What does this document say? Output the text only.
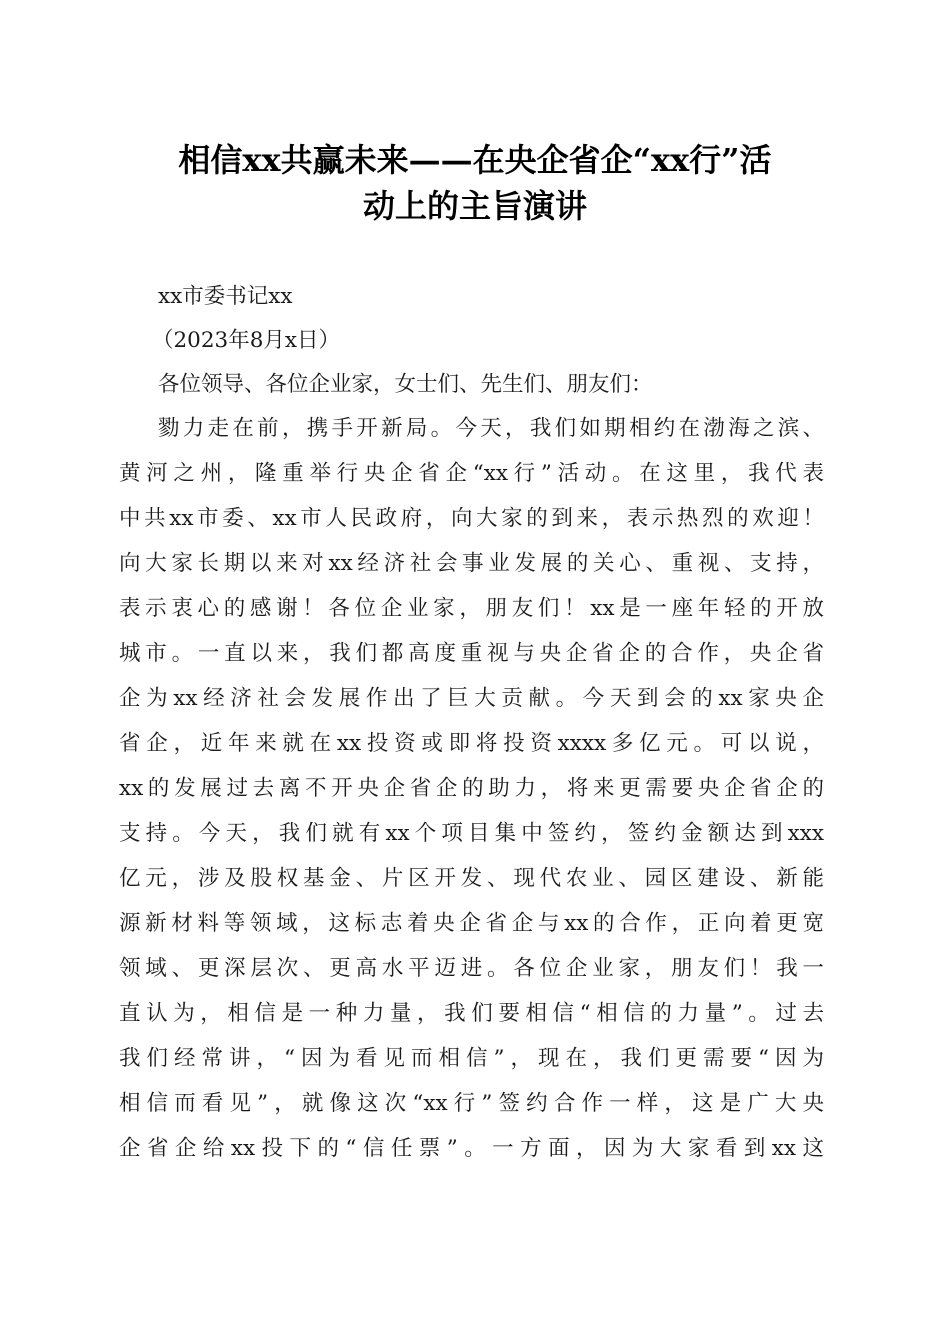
相信xx共赢未来——在央企省企“xx行”活
动上的主旨演讲
xx市委书记xx
（2023年8月x日）
各位领导、各位企业家，女士们、先生们、朋友们：
勠力走在前，携手开新局。今天，我们如期相约在渤海之滨、
黄河之州，隆重举行央企省企“xx行”活动。在这里，我代表
中共xx市委、xx市人民政府，向大家的到来，表示热烈的欢迎！
向大家长期以来对xx经济社会事业发展的关心、重视、支持，
表示衷心的感谢！各位企业家，朋友们！xx是一座年轻的开放
城市。一直以来，我们都高度重视与央企省企的合作，央企省
企为xx经济社会发展作出了巨大贡献。今天到会的xx家央企
省企，近年来就在xx投资或即将投资xxxx多亿元。可以说，
xx的发展过去离不开央企省企的助力，将来更需要央企省企的
支持。今天，我们就有xx个项目集中签约，签约金额达到xxx
亿元，涉及股权基金、片区开发、现代农业、园区建设、新能
源新材料等领域，这标志着央企省企与xx的合作，正向着更宽
领域、更深层次、更高水平迈进。各位企业家，朋友们！我一
直认为，相信是一种力量，我们要相信“相信的力量”。过去
我们经常讲，“因为看见而相信”，现在，我们更需要“因为
相信而看见”，就像这次“xx行”签约合作一样，这是广大央
企省企给xx投下的“信任票”。一方面，因为大家看到xx这
